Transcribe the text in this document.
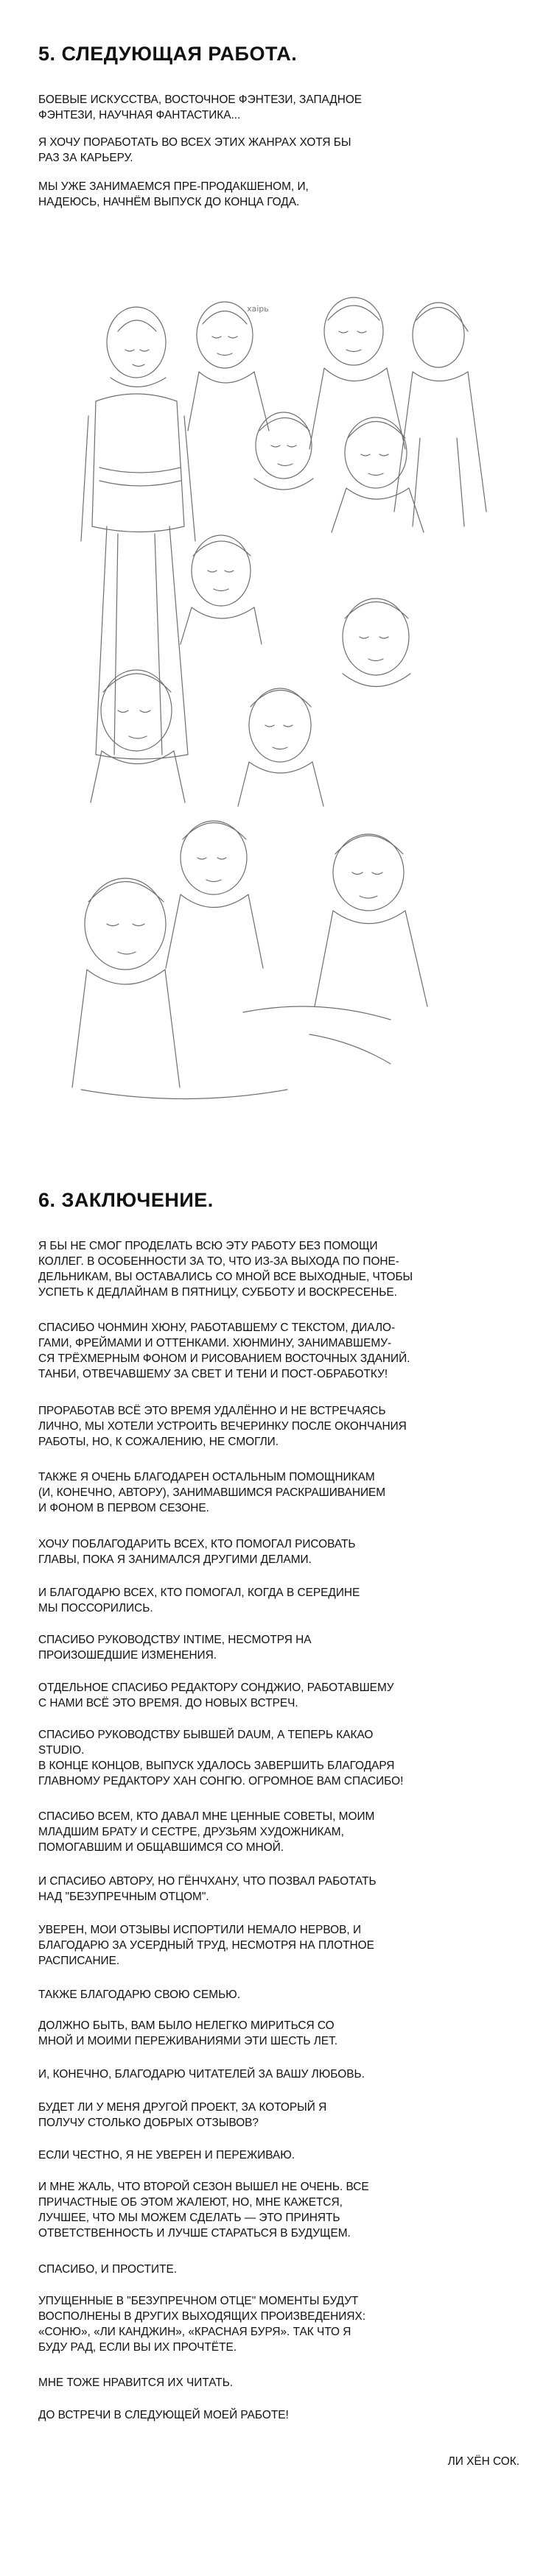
5. СЛЕДУЮЩАЯ РАБОТА.

БОЕВЫЕ ИСКУССТВА, ВОСТОЧНОЕ ФЭНТЕЗИ, ЗАПАДНОЕ
ФЭНТЕЗИ, НАУЧНАЯ ФАНТАСТИКА...

Я ХОЧУ ПОРАБОТАТЬ ВО ВСЕХ ЭТИХ ЖАНРАХ ХОТЯ БЫ
РАЗ ЗА КАРЬЕРУ.

МЫ УЖЕ ЗАНИМАЕМСЯ ПРЕ-ПРОДАКШЕНОМ, И,
НАДЕЮСЬ, НАЧНЁМ ВЫПУСК ДО КОНЦА ГОДА.

хаірь
6. ЗАКЛЮЧЕНИЕ.

Я БЫ НЕ СМОГ ПРОДЕЛАТЬ ВСЮ ЭТУ РАБОТУ БЕЗ ПОМОЩИ
КОЛЛЕГ. В ОСОБЕННОСТИ ЗА ТО, ЧТО ИЗ-ЗА ВЫХОДА ПО ПОНЕ-
ДЕЛЬНИКАМ, ВЫ ОСТАВАЛИСЬ СО МНОЙ ВСЕ ВЫХОДНЫЕ, ЧТОБЫ
УСПЕТЬ К ДЕДЛАЙНАМ В ПЯТНИЦУ, СУББОТУ И ВОСКРЕСЕНЬЕ.

СПАСИБО ЧОНМИН ХЮНУ, РАБОТАВШЕМУ С ТЕКСТОМ, ДИАЛО-
ГАМИ, ФРЕЙМАМИ И ОТТЕНКАМИ. ХЮНМИНУ, ЗАНИМАВШЕМУ-
СЯ ТРЁХМЕРНЫМ ФОНОМ И РИСОВАНИЕМ ВОСТОЧНЫХ ЗДАНИЙ.
ТАНБИ, ОТВЕЧАВШЕМУ ЗА СВЕТ И ТЕНИ И ПОСТ-ОБРАБОТКУ!

ПРОРАБОТАВ ВСЁ ЭТО ВРЕМЯ УДАЛЁННО И НЕ ВСТРЕЧАЯСЬ
ЛИЧНО, МЫ ХОТЕЛИ УСТРОИТЬ ВЕЧЕРИНКУ ПОСЛЕ ОКОНЧАНИЯ
РАБОТЫ, НО, К СОЖАЛЕНИЮ, НЕ СМОГЛИ.

ТАКЖЕ Я ОЧЕНЬ БЛАГОДАРЕН ОСТАЛЬНЫМ ПОМОЩНИКАМ
(И, КОНЕЧНО, АВТОРУ), ЗАНИМАВШИМСЯ РАСКРАШИВАНИЕМ
И ФОНОМ В ПЕРВОМ СЕЗОНЕ.

ХОЧУ ПОБЛАГОДАРИТЬ ВСЕХ, КТО ПОМОГАЛ РИСОВАТЬ
ГЛАВЫ, ПОКА Я ЗАНИМАЛСЯ ДРУГИМИ ДЕЛАМИ.

И БЛАГОДАРЮ ВСЕХ, КТО ПОМОГАЛ, КОГДА В СЕРЕДИНЕ
МЫ ПОССОРИЛИСЬ.

СПАСИБО РУКОВОДСТВУ INTIME, НЕСМОТРЯ НА
ПРОИЗОШЕДШИЕ ИЗМЕНЕНИЯ.

ОТДЕЛЬНОЕ СПАСИБО РЕДАКТОРУ СОНДЖИО, РАБОТАВШЕМУ
С НАМИ ВСЁ ЭТО ВРЕМЯ. ДО НОВЫХ ВСТРЕЧ.

СПАСИБО РУКОВОДСТВУ БЫВШЕЙ DAUM, А ТЕПЕРЬ КАКАО
STUDIO.
В КОНЦЕ КОНЦОВ, ВЫПУСК УДАЛОСЬ ЗАВЕРШИТЬ БЛАГОДАРЯ
ГЛАВНОМУ РЕДАКТОРУ ХАН СОНГЮ. ОГРОМНОЕ ВАМ СПАСИБО!

СПАСИБО ВСЕМ, КТО ДАВАЛ МНЕ ЦЕННЫЕ СОВЕТЫ, МОИМ
МЛАДШИМ БРАТУ И СЕСТРЕ, ДРУЗЬЯМ ХУДОЖНИКАМ,
ПОМОГАВШИМ И ОБЩАВШИМСЯ СО МНОЙ.

И СПАСИБО АВТОРУ, НО ГЁНЧХАНУ, ЧТО ПОЗВАЛ РАБОТАТЬ
НАД "БЕЗУПРЕЧНЫМ ОТЦОМ".

УВЕРЕН, МОИ ОТЗЫВЫ ИСПОРТИЛИ НЕМАЛО НЕРВОВ, И
БЛАГОДАРЮ ЗА УСЕРДНЫЙ ТРУД, НЕСМОТРЯ НА ПЛОТНОЕ
РАСПИСАНИЕ.

ТАКЖЕ БЛАГОДАРЮ СВОЮ СЕМЬЮ.

ДОЛЖНО БЫТЬ, ВАМ БЫЛО НЕЛЕГКО МИРИТЬСЯ СО
МНОЙ И МОИМИ ПЕРЕЖИВАНИЯМИ ЭТИ ШЕСТЬ ЛЕТ.

И, КОНЕЧНО, БЛАГОДАРЮ ЧИТАТЕЛЕЙ ЗА ВАШУ ЛЮБОВЬ.

БУДЕТ ЛИ У МЕНЯ ДРУГОЙ ПРОЕКТ, ЗА КОТОРЫЙ Я
ПОЛУЧУ СТОЛЬКО ДОБРЫХ ОТЗЫВОВ?

ЕСЛИ ЧЕСТНО, Я НЕ УВЕРЕН И ПЕРЕЖИВАЮ.

И МНЕ ЖАЛЬ, ЧТО ВТОРОЙ СЕЗОН ВЫШЕЛ НЕ ОЧЕНЬ. ВСЕ
ПРИЧАСТНЫЕ ОБ ЭТОМ ЖАЛЕЮТ, НО, МНЕ КАЖЕТСЯ,
ЛУЧШЕЕ, ЧТО МЫ МОЖЕМ СДЕЛАТЬ — ЭТО ПРИНЯТЬ
ОТВЕТСТВЕННОСТЬ И ЛУЧШЕ СТАРАТЬСЯ В БУДУЩЕМ.

СПАСИБО, И ПРОСТИТЕ.

УПУЩЕННЫЕ В "БЕЗУПРЕЧНОМ ОТЦЕ" МОМЕНТЫ БУДУТ
ВОСПОЛНЕНЫ В ДРУГИХ ВЫХОДЯЩИХ ПРОИЗВЕДЕНИЯХ:
«СОНЮ», «ЛИ КАНДЖИН», «КРАСНАЯ БУРЯ». ТАК ЧТО Я
БУДУ РАД, ЕСЛИ ВЫ ИХ ПРОЧТЁТЕ.

МНЕ ТОЖЕ НРАВИТСЯ ИХ ЧИТАТЬ.

ДО ВСТРЕЧИ В СЛЕДУЮЩЕЙ МОЕЙ РАБОТЕ!

ЛИ ХЁН СОК.
